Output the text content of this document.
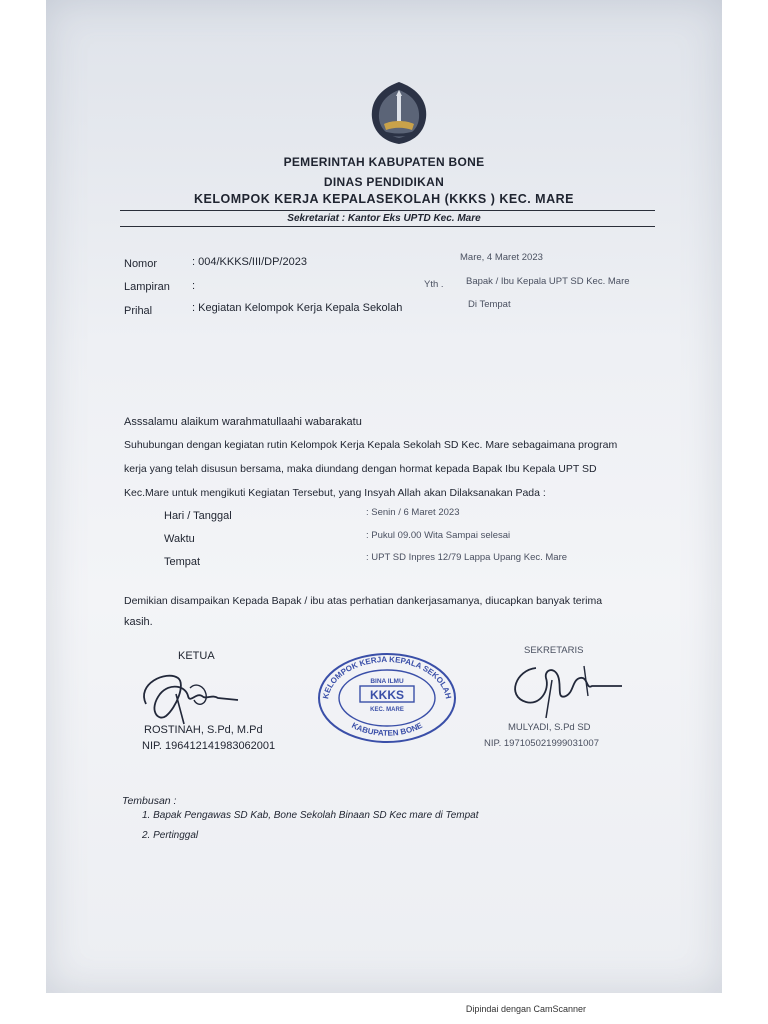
PEMERINTAH KABUPATEN BONE
DINAS PENDIDIKAN
KELOMPOK KERJA KEPALASEKOLAH (KKKS ) KEC. MARE
Sekretariat : Kantor Eks UPTD Kec. Mare
Nomor	: 004/KKKS/III/DP/2023
Lampiran :
Prihal	: Kegiatan Kelompok Kerja Kepala Sekolah
Mare, 4 Maret 2023
Yth . Bapak / Ibu Kepala UPT SD Kec. Mare
Di Tempat
Asssalamu alaikum warahmatullaahi wabarakatu
Suhubungan dengan kegiatan rutin Kelompok Kerja Kepala Sekolah SD Kec. Mare sebagaimana program
kerja yang telah disusun bersama, maka diundang dengan hormat kepada Bapak Ibu Kepala UPT SD
Kec.Mare untuk mengikuti Kegiatan Tersebut, yang Insyah Allah akan Dilaksanakan Pada :
Hari / Tanggal	: Senin / 6 Maret 2023
Waktu	: Pukul 09.00 Wita Sampai selesai
Tempat	: UPT SD Inpres 12/79 Lappa Upang Kec. Mare
Demikian disampaikan Kepada Bapak / ibu atas perhatian dankerjasamanya, diucapkan banyak terima
kasih.
KETUA
ROSTINAH, S.Pd, M.Pd
NIP. 196412141983062001
KELOMPOK KERJA KEPALA SEKOLAH
KABUPATEN BONE
BINA ILMU
KKKS
KEC. MARE
SEKRETARIS
MULYADI, S.Pd SD
NIP. 197105021999031007
Tembusan :
1. Bapak Pengawas SD Kab, Bone Sekolah Binaan SD Kec mare di Tempat
2. Pertinggal
Dipindai dengan CamScanner
